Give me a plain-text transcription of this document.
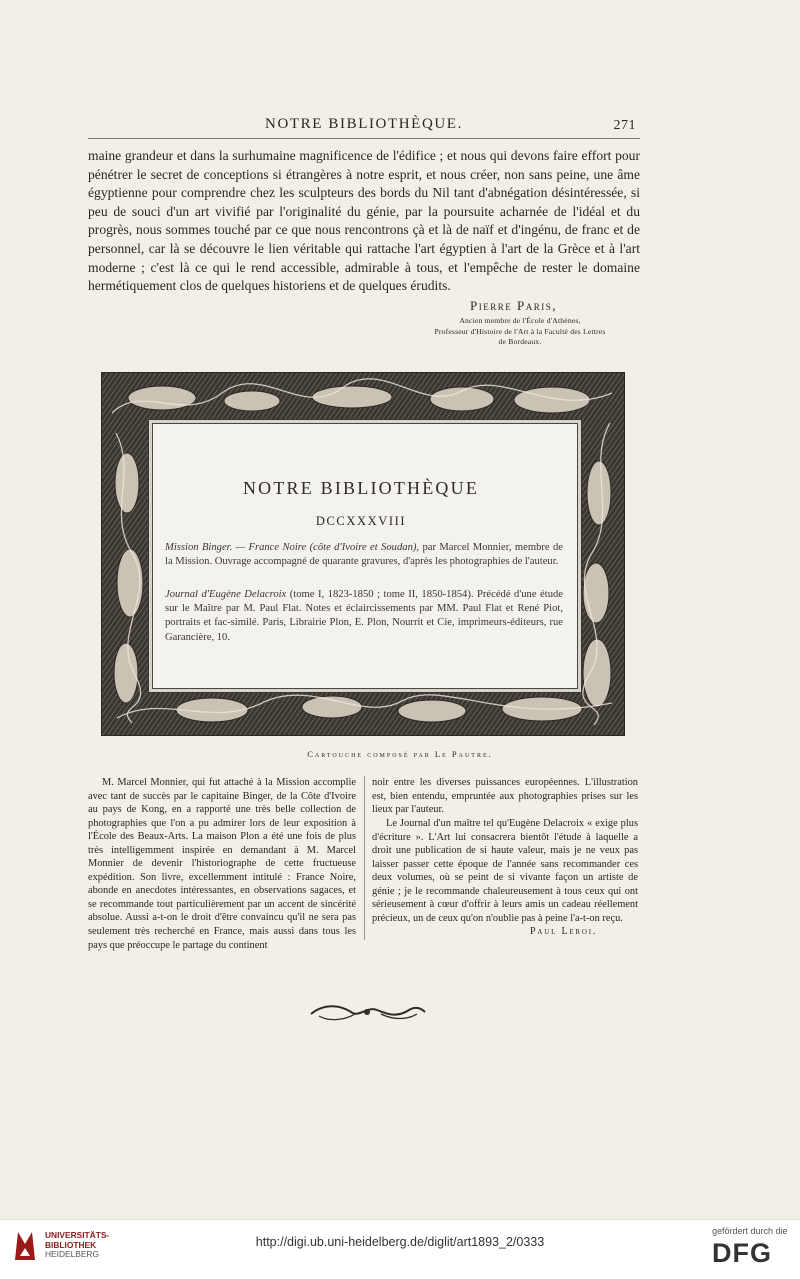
NOTRE BIBLIOTHÈQUE.	271

maine grandeur et dans la surhumaine magnificence de l'édifice ; et nous qui devons faire effort pour pénétrer le secret de conceptions si étrangères à notre esprit, et nous créer, non sans peine, une âme égyptienne pour comprendre chez les sculpteurs des bords du Nil tant d'abnégation désintéressée, si peu de souci d'un art vivifié par l'originalité du génie, par la poursuite acharnée de l'idéal et du progrès, nous sommes touché par ce que nous rencontrons çà et là de naïf et d'ingénu, de franc et de personnel, car là se découvre le lien véritable qui rattache l'art égyptien à l'art de la Grèce et à l'art moderne ; c'est là ce qui le rend accessible, admirable à tous, et l'empêche de rester le domaine hermétiquement clos de quelques historiens et de quelques érudits.

Pierre Paris,
Ancien membre de l'École d'Athènes,
Professeur d'Histoire de l'Art à la Faculté des Lettres
de Bordeaux.
NOTRE BIBLIOTHÈQUE
DCCXXXVIII
Mission Binger. — France Noire (côte d'Ivoire et Soudan), par Marcel Monnier, membre de la Mission. Ouvrage accompagné de quarante gravures, d'après les photographies de l'auteur.
Journal d'Eugène Delacroix (tome I, 1823-1850 ; tome II, 1850-1854). Précédé d'une étude sur le Maître par M. Paul Flat. Notes et éclaircissements par MM. Paul Flat et René Piot, portraits et fac-similé. Paris, Librairie Plon, E. Plon, Nourrit et Cie, imprimeurs-éditeurs, rue Garancière, 10.
Cartouche composé par Le Pautre.

M. Marcel Monnier, qui fut attaché à la Mission accomplie avec tant de succès par le capitaine Binger, de la Côte d'Ivoire au pays de Kong, en a rapporté une très belle collection de photographies que l'on a pu admirer lors de leur exposition à l'École des Beaux-Arts. La maison Plon a été une fois de plus très intelligemment inspirée en demandant à M. Marcel Monnier de devenir l'historiographe de cette fructueuse expédition. Son livre, excellemment intitulé : France Noire, abonde en anecdotes intéressantes, en observations sagaces, et se recommande tout particulièrement par un accent de sincérité absolue. Aussi a-t-on le droit d'être convaincu qu'il ne sera pas seulement très recherché en France, mais aussi dans tous les pays que préoccupe le partage du continent

noir entre les diverses puissances européennes. L'illustration est, bien entendu, empruntée aux photographies prises sur les lieux par l'auteur.

Le Journal d'un maître tel qu'Eugène Delacroix « exige plus d'écriture ». L'Art lui consacrera bientôt l'étude à laquelle a droit une publication de si haute valeur, mais je ne veux pas laisser passer cette époque de l'année sans recommander ces deux volumes, où se peint de si vivante façon un artiste de génie ; je le recommande chaleureusement à tous ceux qui ont sérieusement à cœur d'offrir à leurs amis un cadeau réellement précieux, un de ceux qu'on n'oublie pas à peine l'a-t-on reçu.

Paul Leroi.
UNIVERSITÄTS-
BIBLIOTHEK
HEIDELBERG
http://digi.ub.uni-heidelberg.de/diglit/art1893_2/0333
gefördert durch die
DFG
